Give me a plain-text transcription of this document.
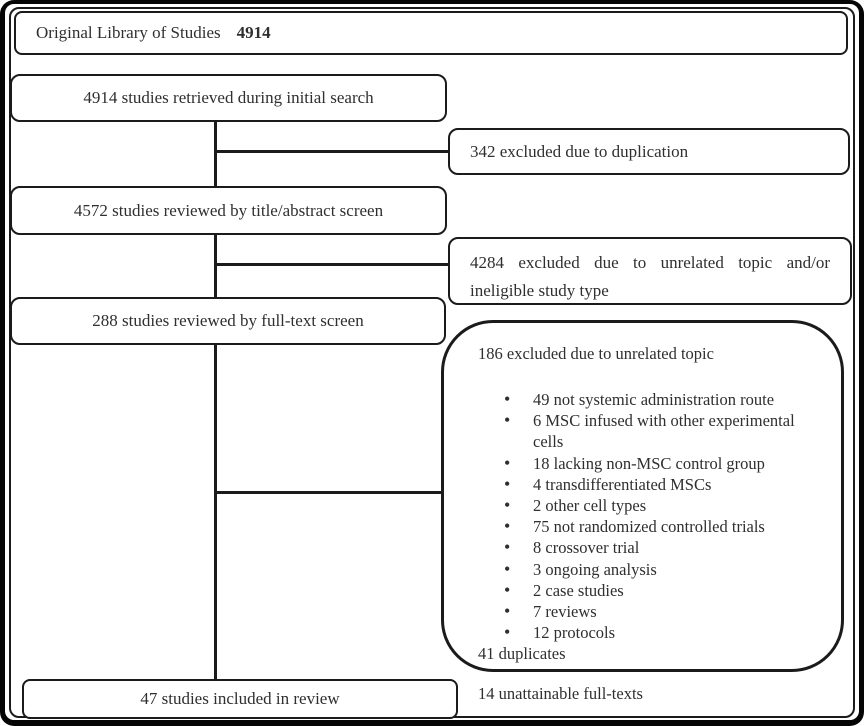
Original Library of Studies 4914
4914 studies retrieved during initial search
342 excluded due to duplication
4572 studies reviewed by title/abstract screen
4284 excluded due to unrelated topic and/or ineligible study type
288 studies reviewed by full-text screen
186 excluded due to unrelated topic
• 49 not systemic administration route
• 6 MSC infused with other experimental cells
• 18 lacking non-MSC control group
• 4 transdifferentiated MSCs
• 2 other cell types
• 75 not randomized controlled trials
• 8 crossover trial
• 3 ongoing analysis
• 2 case studies
• 7 reviews
• 12 protocols
41 duplicates
14 unattainable full-texts
47 studies included in review
